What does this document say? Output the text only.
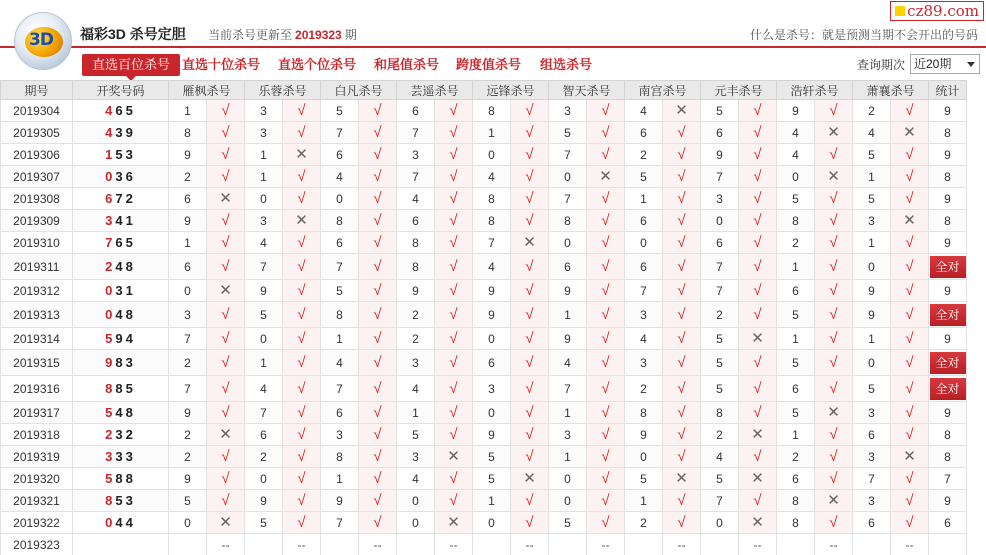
3D 福彩3D 杀号定胆 当前杀号更新至 2019323 期
cz89.com
什么是杀号：就是预测当期不会开出的号码
直选百位杀号 直选十位杀号 直选个位杀号 和尾值杀号 跨度值杀号 组选杀号	查询期次 近20期
期号	开奖号码	雁枫杀号		乐蓉杀号		白凡杀号		芸遥杀号		远锋杀号		智天杀号		南宫杀号		元丰杀号		浩轩杀号		萧襄杀号		统计
2019304	465	1	√	3	√	5	√	6	√	8	√	3	√	4	✕	5	√	9	√	2	√	9
2019305	439	8	√	3	√	7	√	7	√	1	√	5	√	6	√	6	√	4	✕	4	✕	8
2019306	153	9	√	1	✕	6	√	3	√	0	√	7	√	2	√	9	√	4	√	5	√	9
2019307	036	2	√	1	√	4	√	7	√	4	√	0	✕	5	√	7	√	0	✕	1	√	8
2019308	672	6	✕	0	√	0	√	4	√	8	√	7	√	1	√	3	√	5	√	5	√	9
2019309	341	9	√	3	✕	8	√	6	√	8	√	8	√	6	√	0	√	8	√	3	✕	8
2019310	765	1	√	4	√	6	√	8	√	7	✕	0	√	0	√	6	√	2	√	1	√	9
2019311	248	6	√	7	√	7	√	8	√	4	√	6	√	6	√	7	√	1	√	0	√	全对
2019312	031	0	✕	9	√	5	√	9	√	9	√	9	√	7	√	7	√	6	√	9	√	9
2019313	048	3	√	5	√	8	√	2	√	9	√	1	√	3	√	2	√	5	√	9	√	全对
2019314	594	7	√	0	√	1	√	2	√	0	√	9	√	4	√	5	✕	1	√	1	√	9
2019315	983	2	√	1	√	4	√	3	√	6	√	4	√	3	√	5	√	5	√	0	√	全对
2019316	885	7	√	4	√	7	√	4	√	3	√	7	√	2	√	5	√	6	√	5	√	全对
2019317	548	9	√	7	√	6	√	1	√	0	√	1	√	8	√	8	√	5	✕	3	√	9
2019318	232	2	✕	6	√	3	√	5	√	9	√	3	√	9	√	2	✕	1	√	6	√	8
2019319	333	2	√	2	√	8	√	3	✕	5	√	1	√	0	√	4	√	2	√	3	✕	8
2019320	588	9	√	0	√	1	√	4	√	5	✕	0	√	5	✕	5	✕	6	√	7	√	7
2019321	853	5	√	9	√	9	√	0	√	1	√	0	√	1	√	7	√	8	✕	3	√	9
2019322	044	0	✕	5	√	7	√	0	✕	0	√	5	√	2	√	0	✕	8	√	6	√	6
2019323	当前期杀号	8	--	7	--	5	--	6	--	9	--	3	--	6	--	6	--	9	--	6	--	
